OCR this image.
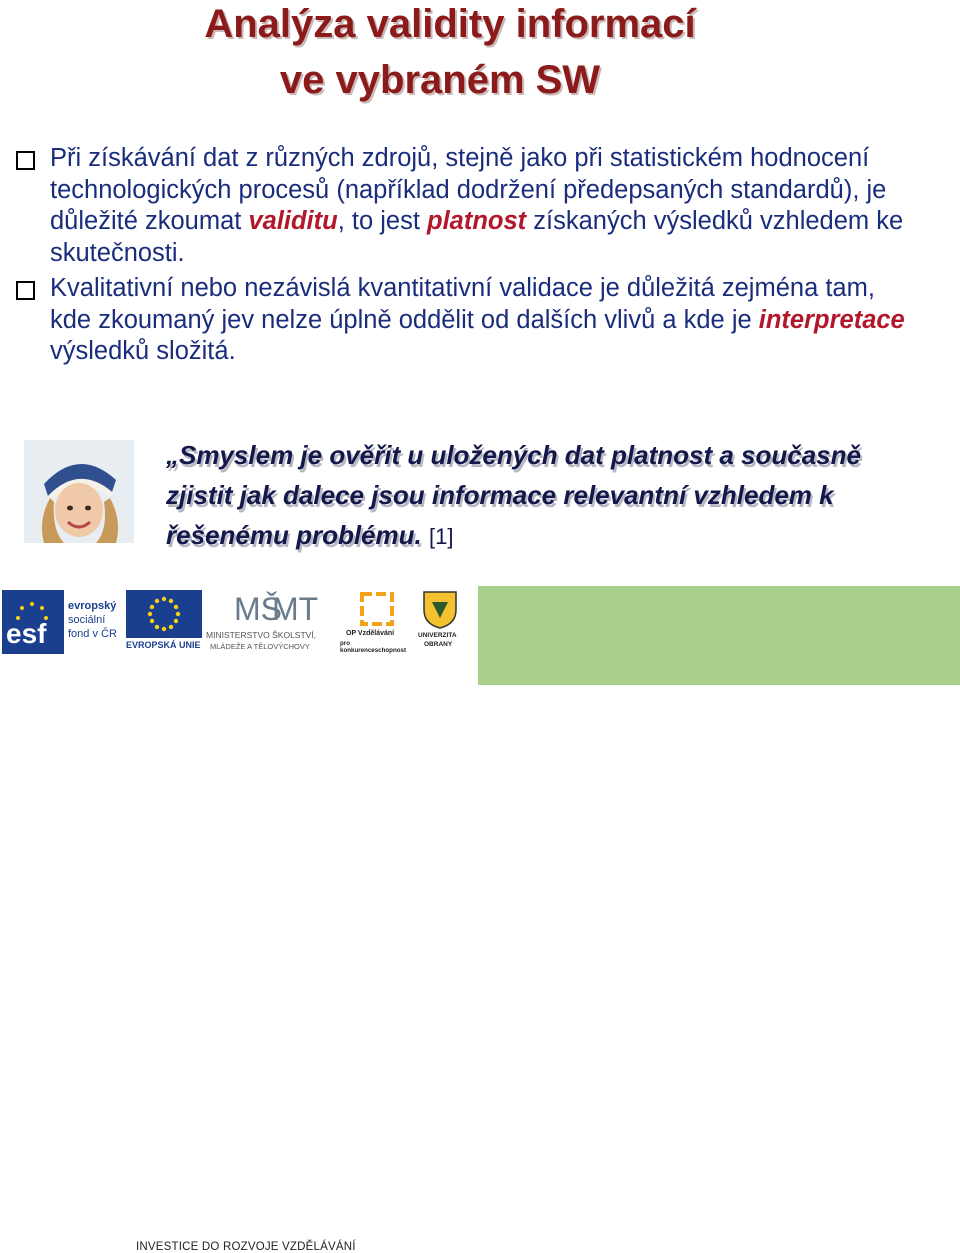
Analýza validity informací
ve vybraném SW
Při získávání dat z různých zdrojů, stejně jako při statistickém hodnocení technologických procesů (například dodržení předepsaných standardů), je důležité zkoumat validitu, to jest platnost získaných výsledků vzhledem ke skutečnosti.
Kvalitativní nebo nezávislá kvantitativní validace je důležitá zejména tam, kde zkoumaný jev nelze úplně oddělit od dalších vlivů a kde je interpretace výsledků složitá.
„Smyslem je ověřit u uložených dat platnost a současně zjistit jak dalece jsou informace relevantní vzhledem k řešenému problému. [1]
esf
evropský
sociální
fond v ČR
EVROPSKÁ UNIE
MŠ
MT
MINISTERSTVO ŠKOLSTVÍ,
MLÁDEŽE A TĚLOVÝCHOVY
OP Vzdělávání
pro konkurenceschopnost
UNIVERZITA
OBRANY
INVESTICE DO ROZVOJE VZDĚLÁVÁNÍ
